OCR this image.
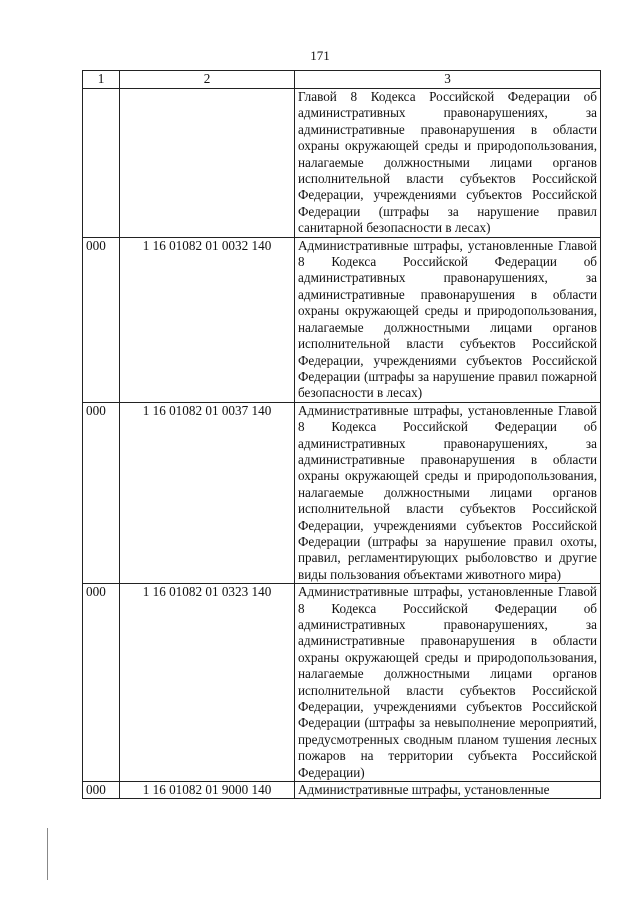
171
1	2	3
		Главой 8 Кодекса Российской Федерации об административных правонарушениях, за административные правонарушения в области охраны окружающей среды и природопользования, налагаемые должностными лицами органов исполнительной власти субъектов Российской Федерации, учреждениями субъектов Российской Федерации (штрафы за нарушение правил санитарной безопасности в лесах)
000	1 16 01082 01 0032 140	Административные штрафы, установленные Главой 8 Кодекса Российской Федерации об административных правонарушениях, за административные правонарушения в области охраны окружающей среды и природопользования, налагаемые должностными лицами органов исполнительной власти субъектов Российской Федерации, учреждениями субъектов Российской Федерации (штрафы за нарушение правил пожарной безопасности в лесах)
000	1 16 01082 01 0037 140	Административные штрафы, установленные Главой 8 Кодекса Российской Федерации об административных правонарушениях, за административные правонарушения в области охраны окружающей среды и природопользования, налагаемые должностными лицами органов исполнительной власти субъектов Российской Федерации, учреждениями субъектов Российской Федерации (штрафы за нарушение правил охоты, правил, регламентирующих рыболовство и другие виды пользования объектами животного мира)
000	1 16 01082 01 0323 140	Административные штрафы, установленные Главой 8 Кодекса Российской Федерации об административных правонарушениях, за административные правонарушения в области охраны окружающей среды и природопользования, налагаемые должностными лицами органов исполнительной власти субъектов Российской Федерации, учреждениями субъектов Российской Федерации (штрафы за невыполнение мероприятий, предусмотренных сводным планом тушения лесных пожаров на территории субъекта Российской Федерации)
000	1 16 01082 01 9000 140	Административные штрафы, установленные
